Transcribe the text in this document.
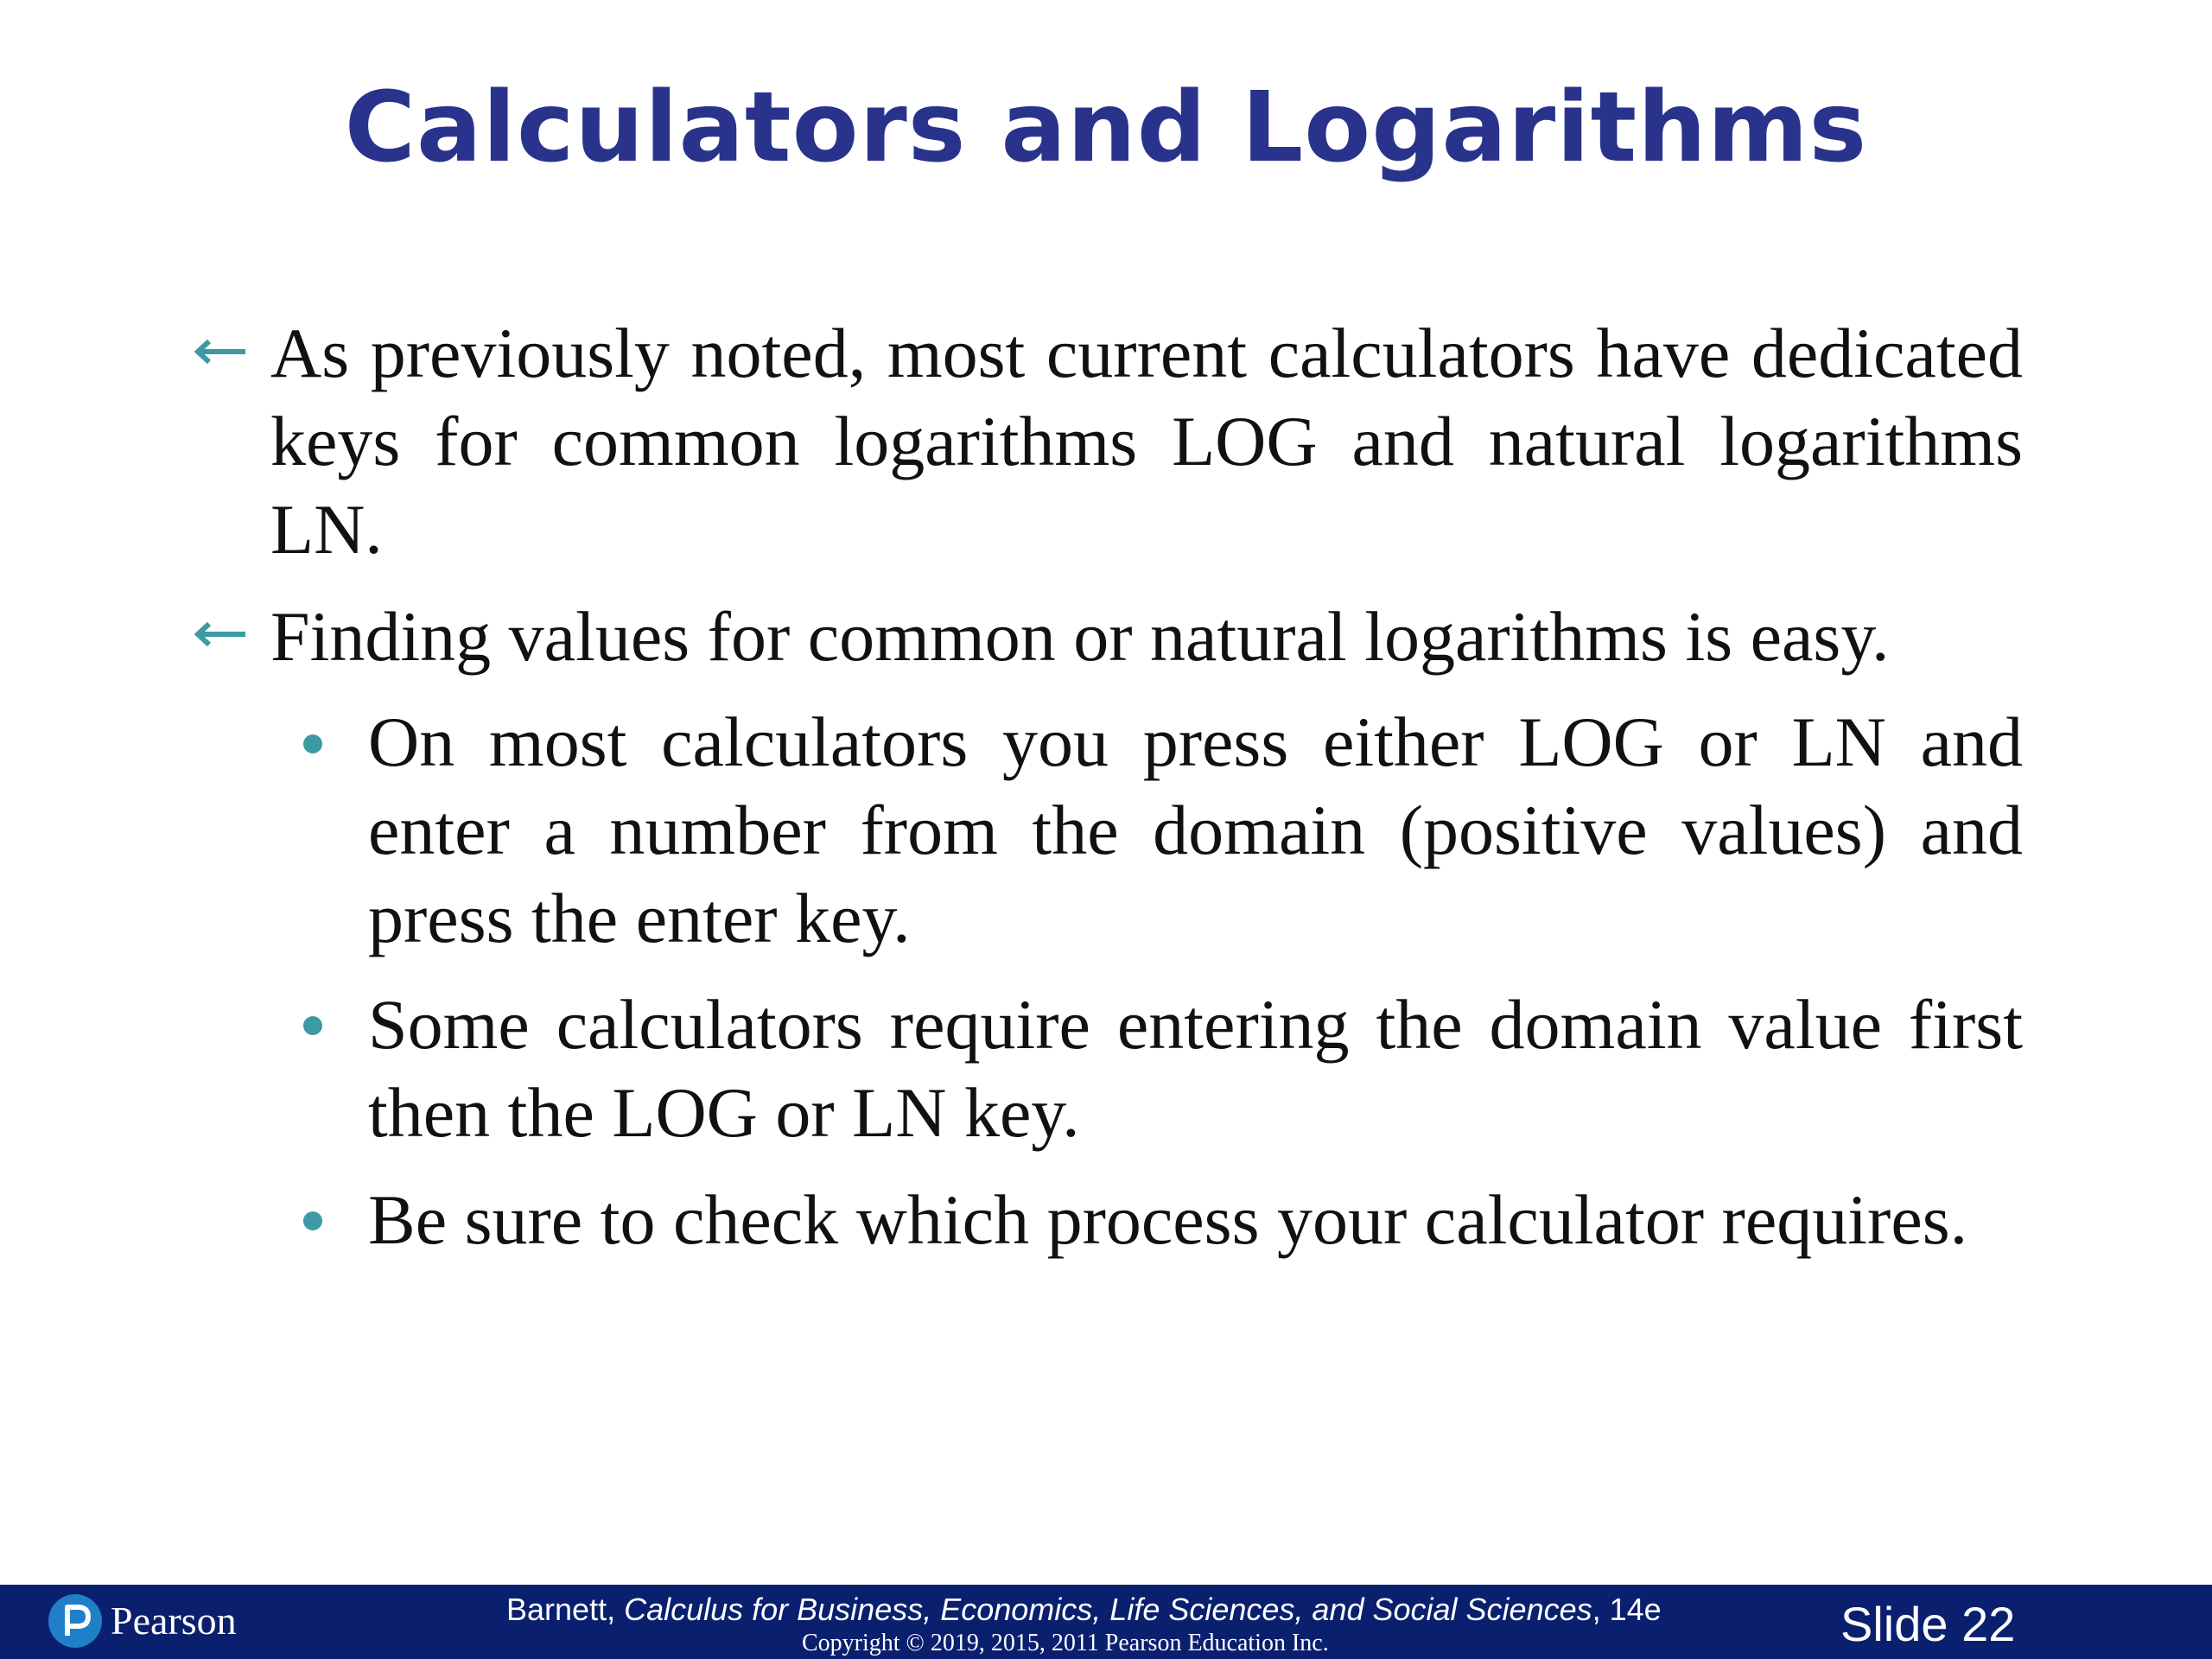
Calculators and Logarithms
As previously noted, most current calculators have dedicated keys for common logarithms LOG and natural logarithms LN.
Finding values for common or natural logarithms is easy.
On most calculators you press either LOG or LN and enter a number from the domain (positive values) and press the enter key.
Some calculators require entering the domain value first then the LOG or LN key.
Be sure to check which process your calculator requires.
Pearson	Barnett, Calculus for Business, Economics, Life Sciences, and Social Sciences, 14e
Copyright © 2019, 2015, 2011 Pearson Education Inc.	Slide 22
